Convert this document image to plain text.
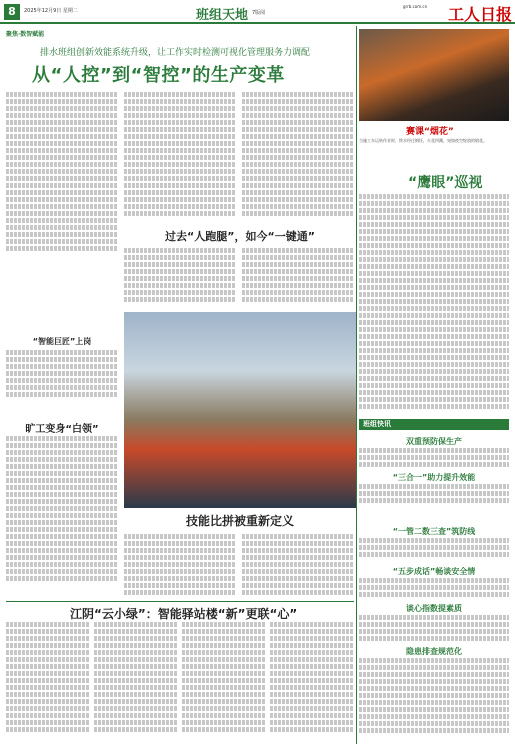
8	2025年12月9日 星期二	班组天地 7版阅
grrb.com.cn 工人日报
聚焦·数智赋能
排水班组创新效能系统升级，让工作实时检测可视化管理服务力调配
从“人控”到“智控”的生产变革
过去“人跑腿”，如今“一键通”
“智能巨匠”上岗
旷工变身“白领”
技能比拼被重新定义
赛课“烟花”
当施工车运转作业时，铁水经过钢坯，火花四溅，宛如夜空绽放的烟花。
“鹰眼”巡视
班组快讯
双重预防保生产
“三合一”助力提升效能
“一管二数三查”筑防线
“五步成话”畅谈安全情
谈心指数提素质
隐患排查规范化
江阴“云小绿”：智能驿站楼“新”更联“心”
